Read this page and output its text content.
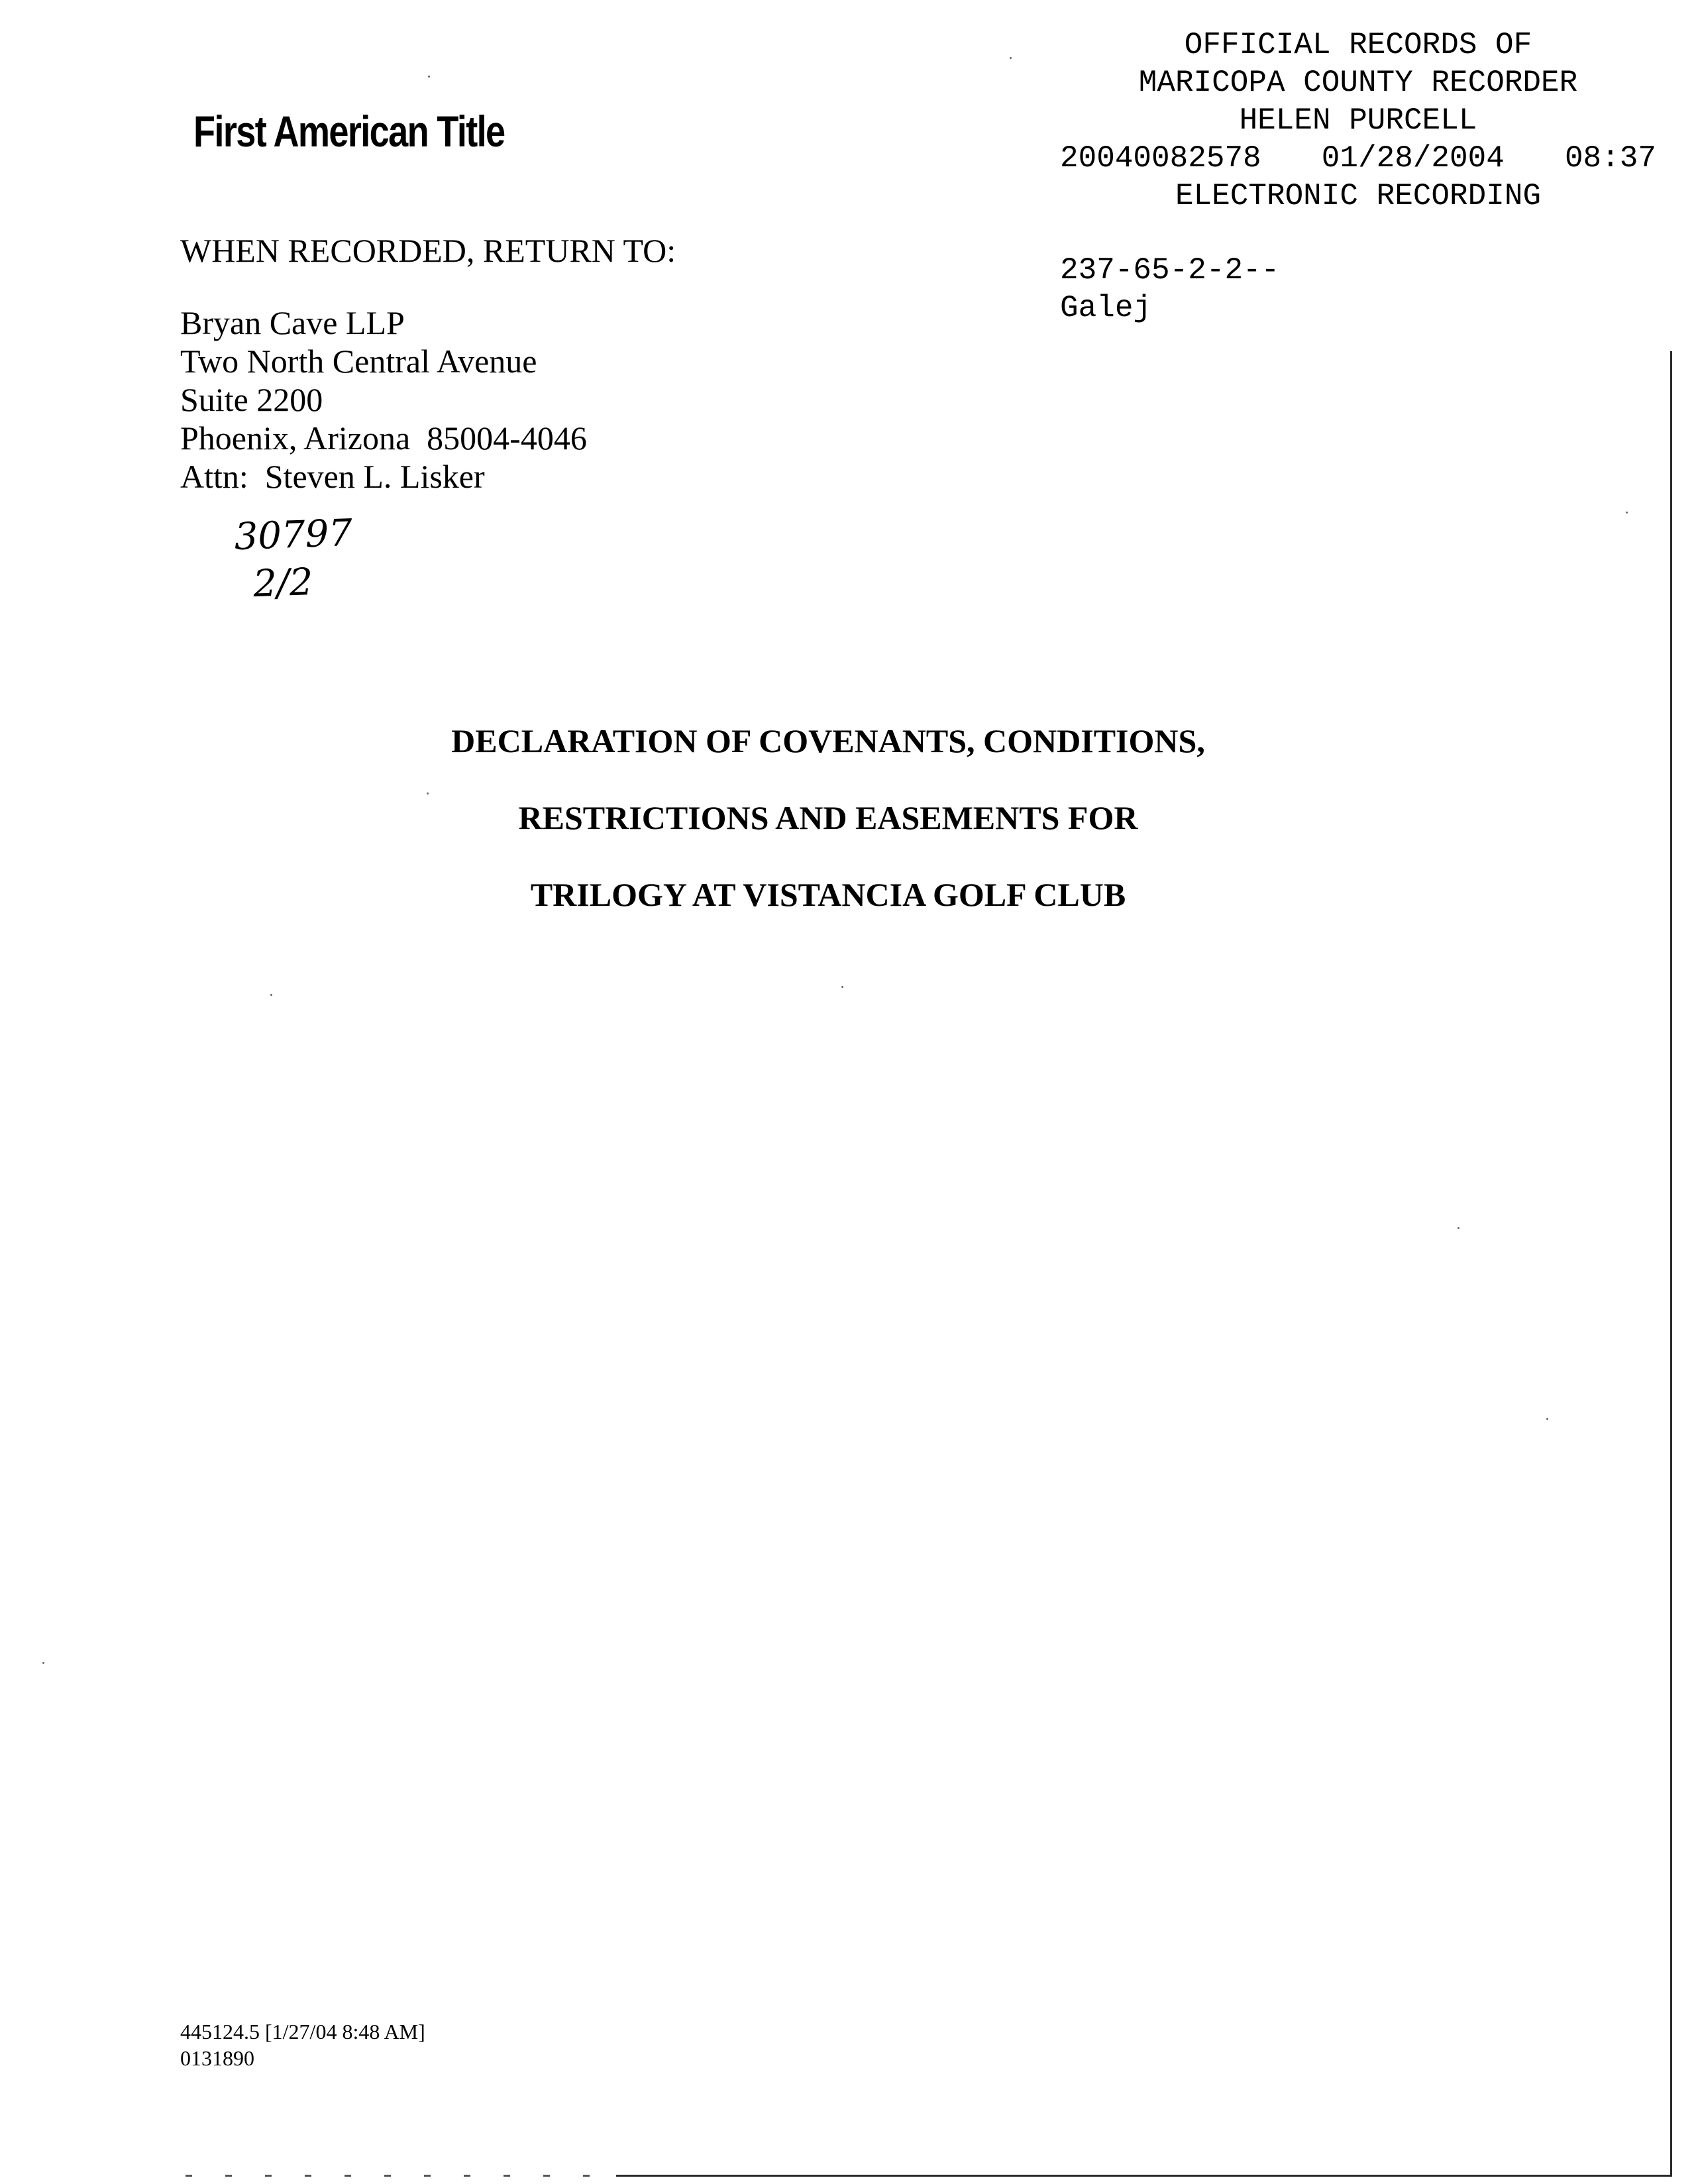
First American Title
OFFICIAL RECORDS OF
MARICOPA COUNTY RECORDER
HELEN PURCELL
20040082578 01/28/2004 08:37
ELECTRONIC RECORDING
237-65-2-2--
Galej
WHEN RECORDED, RETURN TO:
Bryan Cave LLP
Two North Central Avenue
Suite 2200
Phoenix, Arizona  85004-4046
Attn:  Steven L. Lisker
30797
2/2
DECLARATION OF COVENANTS, CONDITIONS,
RESTRICTIONS AND EASEMENTS FOR
TRILOGY AT VISTANCIA GOLF CLUB
445124.5 [1/27/04 8:48 AM]
0131890
